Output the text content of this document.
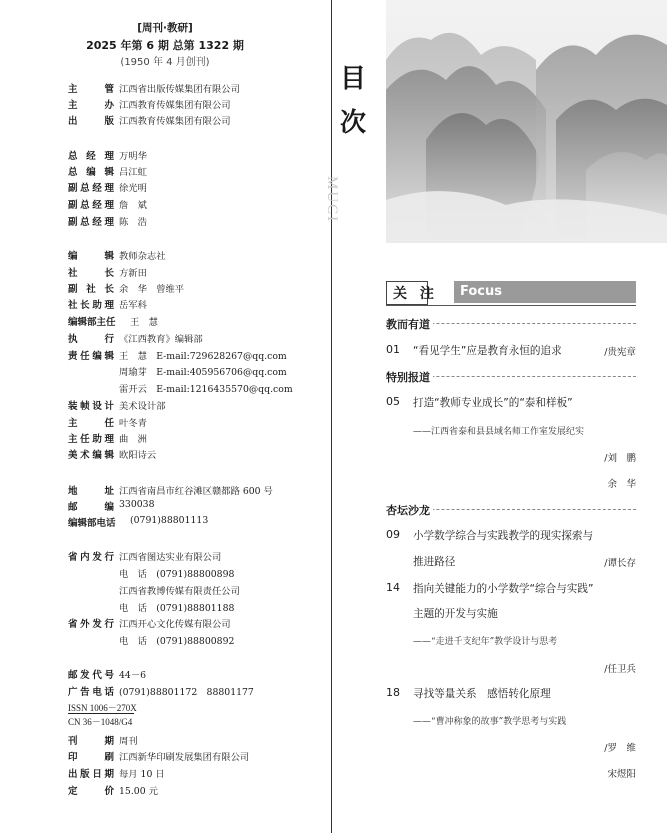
[周刊·教研]
2025 年第 6 期 总第 1322 期
(1950 年 4 月创刊)
主　管 江西省出版传媒集团有限公司
主　办 江西教育传媒集团有限公司
出　版 江西教育传媒集团有限公司
总 经 理 万明华
总 编 辑 吕江虹
副总经理 徐光明
副总经理 詹　斌
副总经理 陈　浩
编　辑 教师杂志社
社　长 方新田
副 社 长 余　华　曾维平
社长助理 岳军科
编辑部主任 王　慧
执　行 《江西教育》编辑部
责任编辑 王　慧　E-mail:729628267@qq.com
周瑜芽　E-mail:405956706@qq.com
雷开云　E-mail:1216435570@qq.com
装帧设计 美术设计部
主　任 叶冬青
主任助理 曲　洲
美术编辑 欧阳诗云
地　址 江西省南昌市红谷滩区赣都路 600 号
邮　编 330038
编辑部电话 (0791)88801113
省内发行 江西省图达实业有限公司
电　话　(0791)88800898
江西省教博传媒有限责任公司
电　话　(0791)88801188
省外发行 江西开心文化传媒有限公司
电　话　(0791)88800892
邮发代号 44－6
广告电话 (0791)88801172　88801177
ISSN 1006－270X
CN 36－1048/G4
刊　期 周刊
印　刷 江西新华印刷发展集团有限公司
出版日期 每月 10 日
定　价 15.00 元
目
次
MUCI
关 注 Focus
教而有道
01 “看见学生”应是教育永恒的追求	/贵宪章
特别报道
05 打造“教师专业成长”的“泰和样板”
——江西省泰和县县域名师工作室发展纪实
/刘　鹏
余　华
杏坛沙龙
09 小学数学综合与实践教学的现实探索与
推进路径	/谭长存
14 指向关键能力的小学数学“综合与实践”
主题的开发与实施
——“走进千支纪年”教学设计与思考
/任卫兵
18 寻找等量关系　感悟转化原理
——“曹冲称象的故事”教学思考与实践
/罗　维
宋煜阳
